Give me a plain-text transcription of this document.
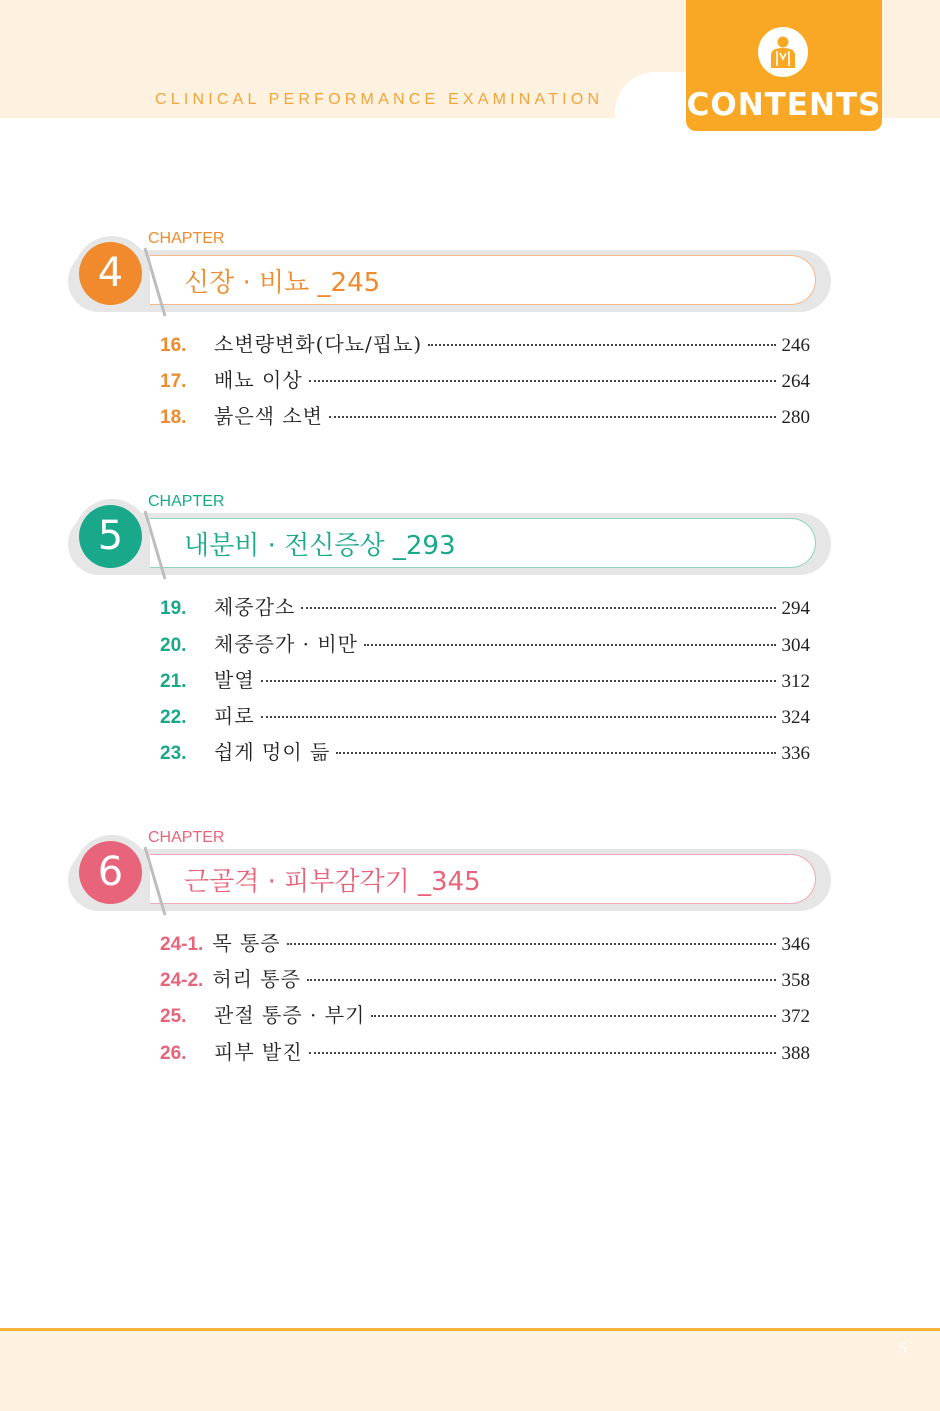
CLINICAL PERFORMANCE EXAMINATION	CONTENTS
4
CHAPTER
신장 · 비뇨 _245
16.	소변량변화(다뇨/핍뇨)	246
17.	배뇨 이상	264
18.	붉은색 소변	280
5
CHAPTER
내분비 · 전신증상 _293
19.	체중감소	294
20.	체중증가 · 비만	304
21.	발열	312
22.	피로	324
23.	쉽게 멍이 듦	336
6
CHAPTER
근골격 · 피부감각기 _345
24-1. 목 통증	346
24-2. 허리 통증	358
25.	관절 통증 · 부기	372
26.	피부 발진	388
5
